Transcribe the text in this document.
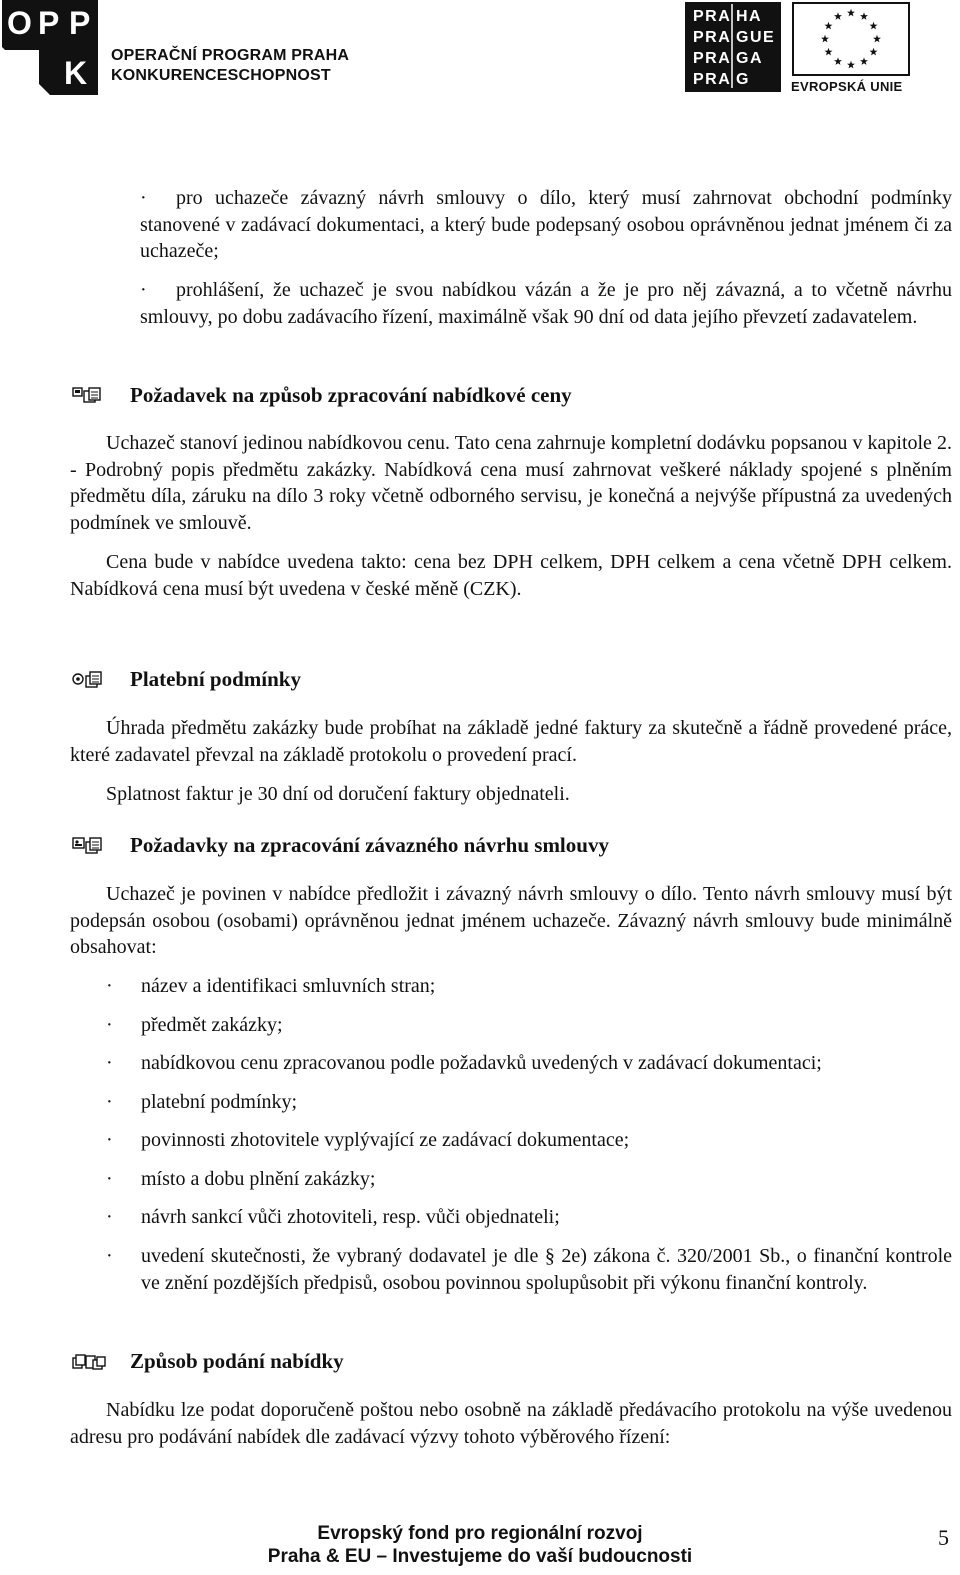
O P P
K OPERAČNÍ PROGRAM PRAHA
KONKURENCESCHOPNOST
PRA HA
PRA GUE
PRA GA
PRA G	EVROPSKÁ UNIE
·	pro uchazeče závazný návrh smlouvy o dílo, který musí zahrnovat obchodní podmínky stanovené v zadávací dokumentaci, a který bude podepsaný osobou oprávněnou jednat jménem či za uchazeče;
·	prohlášení, že uchazeč je svou nabídkou vázán a že je pro něj závazná, a to včetně návrhu smlouvy, po dobu zadávacího řízení, maximálně však 90 dní od data jejího převzetí zadavatelem.
Požadavek na způsob zpracování nabídkové ceny

Uchazeč stanoví jedinou nabídkovou cenu. Tato cena zahrnuje kompletní dodávku popsanou v kapitole 2. - Podrobný popis předmětu zakázky. Nabídková cena musí zahrnovat veškeré náklady spojené s plněním předmětu díla, záruku na dílo 3 roky včetně odborného servisu, je konečná a nejvýše přípustná za uvedených podmínek ve smlouvě.

Cena bude v nabídce uvedena takto: cena bez DPH celkem, DPH celkem a cena včetně DPH celkem. Nabídková cena musí být uvedena v české měně (CZK).

Platební podmínky

Úhrada předmětu zakázky bude probíhat na základě jedné faktury za skutečně a řádně provedené práce, které zadavatel převzal na základě protokolu o provedení prací.

Splatnost faktur je 30 dní od doručení faktury objednateli.

Požadavky na zpracování závazného návrhu smlouvy

Uchazeč je povinen v nabídce předložit i závazný návrh smlouvy o dílo. Tento návrh smlouvy musí být podepsán osobou (osobami) oprávněnou jednat jménem uchazeče. Závazný návrh smlouvy bude minimálně obsahovat:

· název a identifikaci smluvních stran;
· předmět zakázky;
· nabídkovou cenu zpracovanou podle požadavků uvedených v zadávací dokumentaci;
· platební podmínky;
· povinnosti zhotovitele vyplývající ze zadávací dokumentace;
· místo a dobu plnění zakázky;
· návrh sankcí vůči zhotoviteli, resp. vůči objednateli;
· uvedení skutečnosti, že vybraný dodavatel je dle § 2e) zákona č. 320/2001 Sb., o finanční kontrole ve znění pozdějších předpisů, osobou povinnou spolupůsobit při výkonu finanční kontroly.
Způsob podání nabídky

Nabídku lze podat doporučeně poštou nebo osobně na základě předávacího protokolu na výše uvedenou adresu pro podávání nabídek dle zadávací výzvy tohoto výběrového řízení:

Evropský fond pro regionální rozvoj
Praha & EU – Investujeme do vaší budoucnosti
5
